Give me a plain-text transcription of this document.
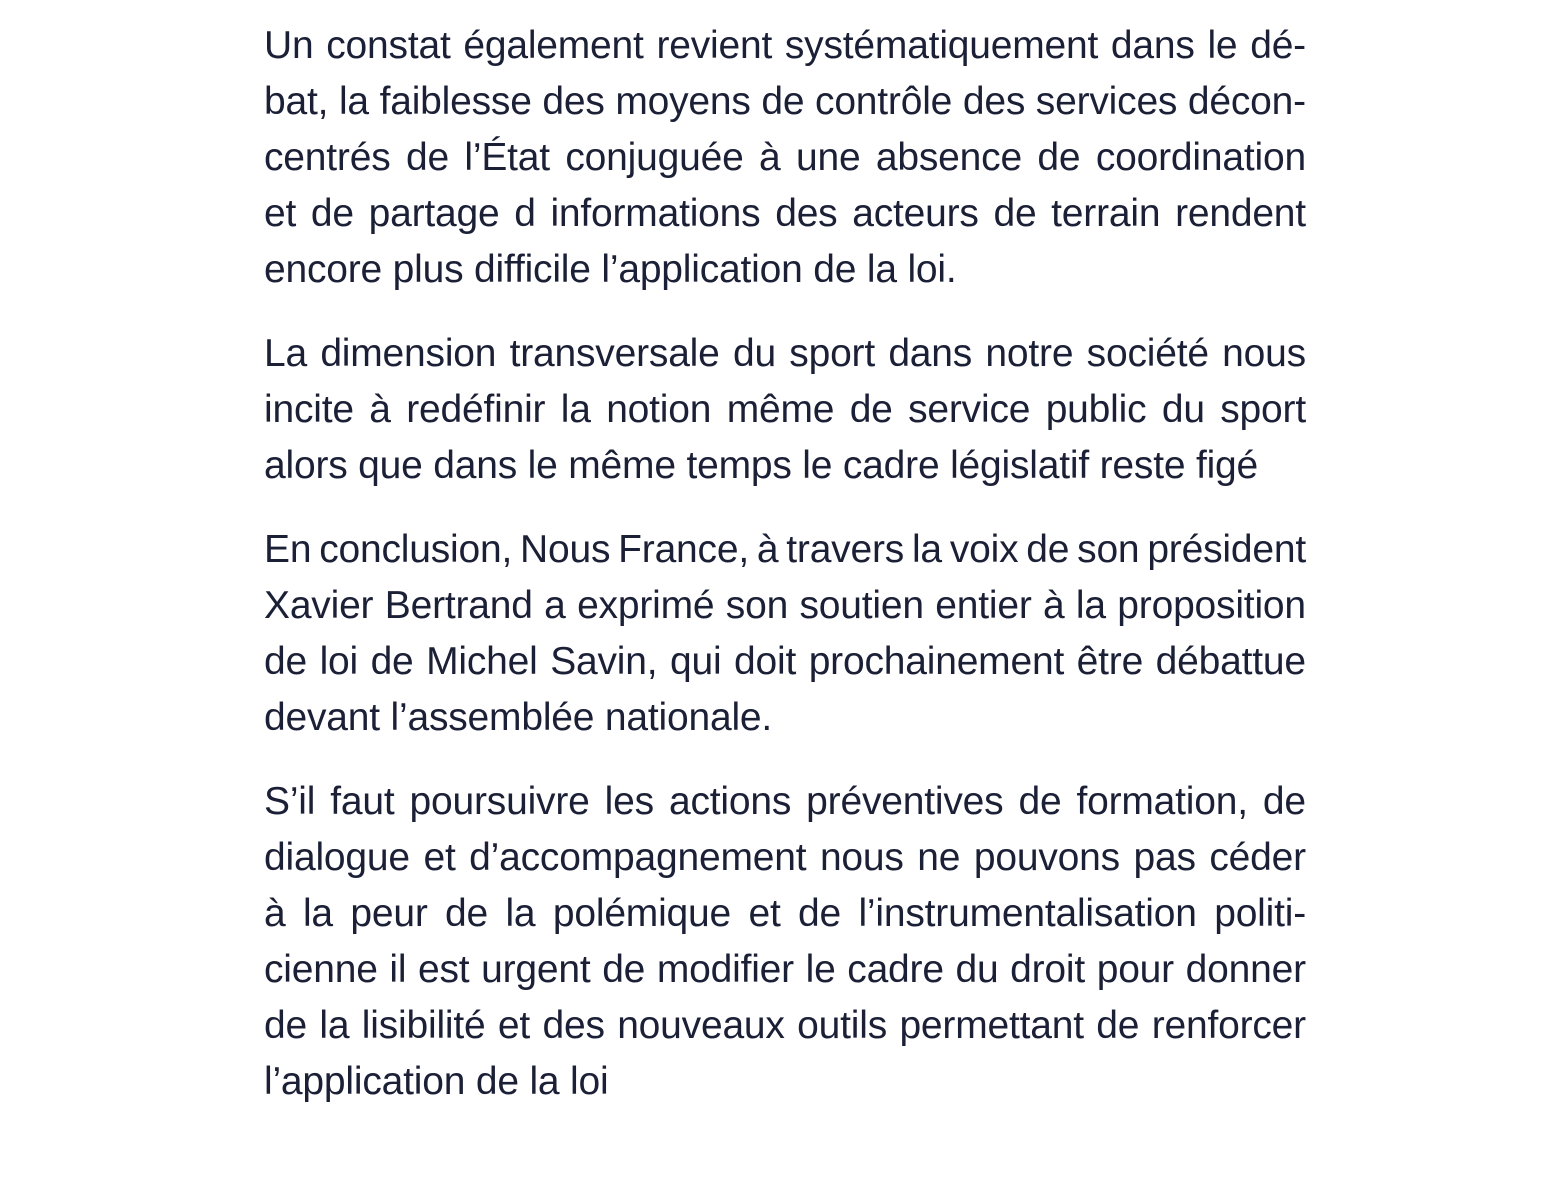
Un constat également revient systématiquement dans le dé-
bat, la faiblesse des moyens de contrôle des services décon-
centrés de l’État conjuguée à une absence de coordination
et de partage d informations des acteurs de terrain rendent
encore plus difficile l’application de la loi.

La dimension transversale du sport dans notre société nous
incite à redéfinir la notion même de service public du sport
alors que dans le même temps le cadre législatif reste figé

En conclusion, Nous France, à travers la voix de son président
Xavier Bertrand a exprimé son soutien entier à la proposition
de loi de Michel Savin, qui doit prochainement être débattue
devant l’assemblée nationale.

S’il faut poursuivre les actions préventives de formation, de
dialogue et d’accompagnement nous ne pouvons pas céder
à la peur de la polémique et de l’instrumentalisation politi-
cienne il est urgent de modifier le cadre du droit pour donner
de la lisibilité et des nouveaux outils permettant de renforcer
l’application de la loi
